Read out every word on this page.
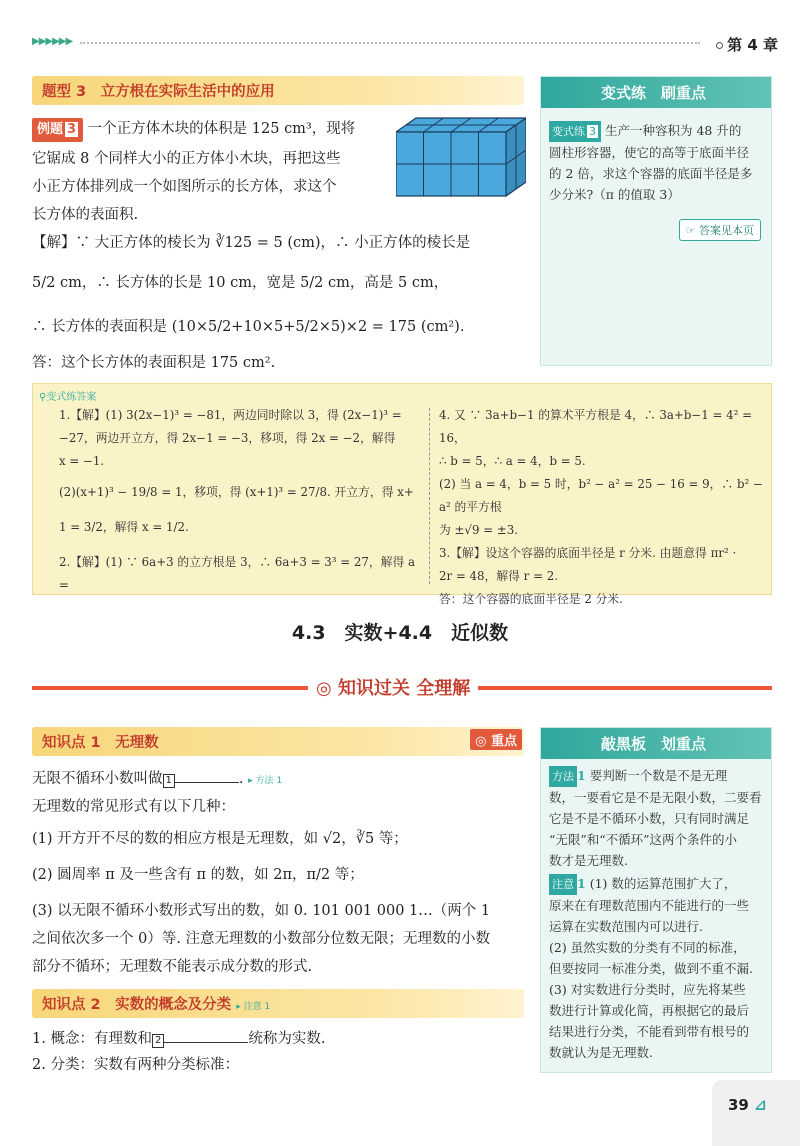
▶▶▶▶▶▶	第 4 章
题型 3　立方根在实际生活中的应用
例题 3 一个正方体木块的体积是 125 cm³，现将
它锯成 8 个同样大小的正方体小木块，再把这些
小正方体排列成一个如图所示的长方体，求这个
长方体的表面积.
【解】∵ 大正方体的棱长为 ∛125 = 5 (cm)，∴ 小正方体的棱长是
5/2 cm，∴ 长方体的长是 10 cm，宽是 5/2 cm，高是 5 cm，
∴ 长方体的表面积是 (10×5/2+10×5+5/2×5)×2 = 175 (cm²).
答：这个长方体的表面积是 175 cm².
变式练　刷重点
变式练 3 生产一种容积为 48 升的
圆柱形容器，使它的高等于底面半径
的 2 倍，求这个容器的底面半径是多
少分米?（π 的值取 3）
☞ 答案见本页
⚲变式练答案
1.【解】(1) 3(2x−1)³ = −81，两边同时除以 3，得 (2x−1)³ =
−27，两边开立方，得 2x−1 = −3，移项，得 2x = −2，解得
x = −1.
(2)(x+1)³ − 19/8 = 1，移项，得 (x+1)³ = 27/8. 开立方，得 x+
1 = 3/2，解得 x = 1/2.
2.【解】(1) ∵ 6a+3 的立方根是 3，∴ 6a+3 = 3³ = 27，解得 a =
4. 又 ∵ 3a+b−1 的算术平方根是 4，∴ 3a+b−1 = 4² = 16，
∴ b = 5，∴ a = 4，b = 5.
(2) 当 a = 4，b = 5 时，b² − a² = 25 − 16 = 9，∴ b² − a² 的平方根
为 ±√9 = ±3.
3.【解】设这个容器的底面半径是 r 分米. 由题意得 πr² ·
2r = 48，解得 r = 2.
答：这个容器的底面半径是 2 分米.
4.3　实数+4.4　近似数
◎ 知识过关 全理解
知识点 1　无理数	◎ 重点
无限不循环小数叫做 1	. ▸ 方法 1
无理数的常见形式有以下几种：
(1) 开方开不尽的数的相应方根是无理数，如 √2，∛5 等；
(2) 圆周率 π 及一些含有 π 的数，如 2π，π/2 等；
(3) 以无限不循环小数形式写出的数，如 0. 101 001 000 1…（两个 1
之间依次多一个 0）等. 注意无理数的小数部分位数无限；无理数的小数
部分不循环；无理数不能表示成分数的形式.
知识点 2　实数的概念及分类 ▸ 注意 1
1. 概念：有理数和 2	统称为实数.
2. 分类：实数有两种分类标准：
敲黑板　划重点
方法 1 要判断一个数是不是无理
数，一要看它是不是无限小数，二要看
它是不是不循环小数，只有同时满足
“无限”和“不循环”这两个条件的小
数才是无理数.
注意 1 (1) 数的运算范围扩大了，
原来在有理数范围内不能进行的一些
运算在实数范围内可以进行.
(2) 虽然实数的分类有不同的标准，
但要按同一标准分类，做到不重不漏.
(3) 对实数进行分类时，应先将某些
数进行计算或化简，再根据它的最后
结果进行分类，不能看到带有根号的
数就认为是无理数.
39 ⊿
